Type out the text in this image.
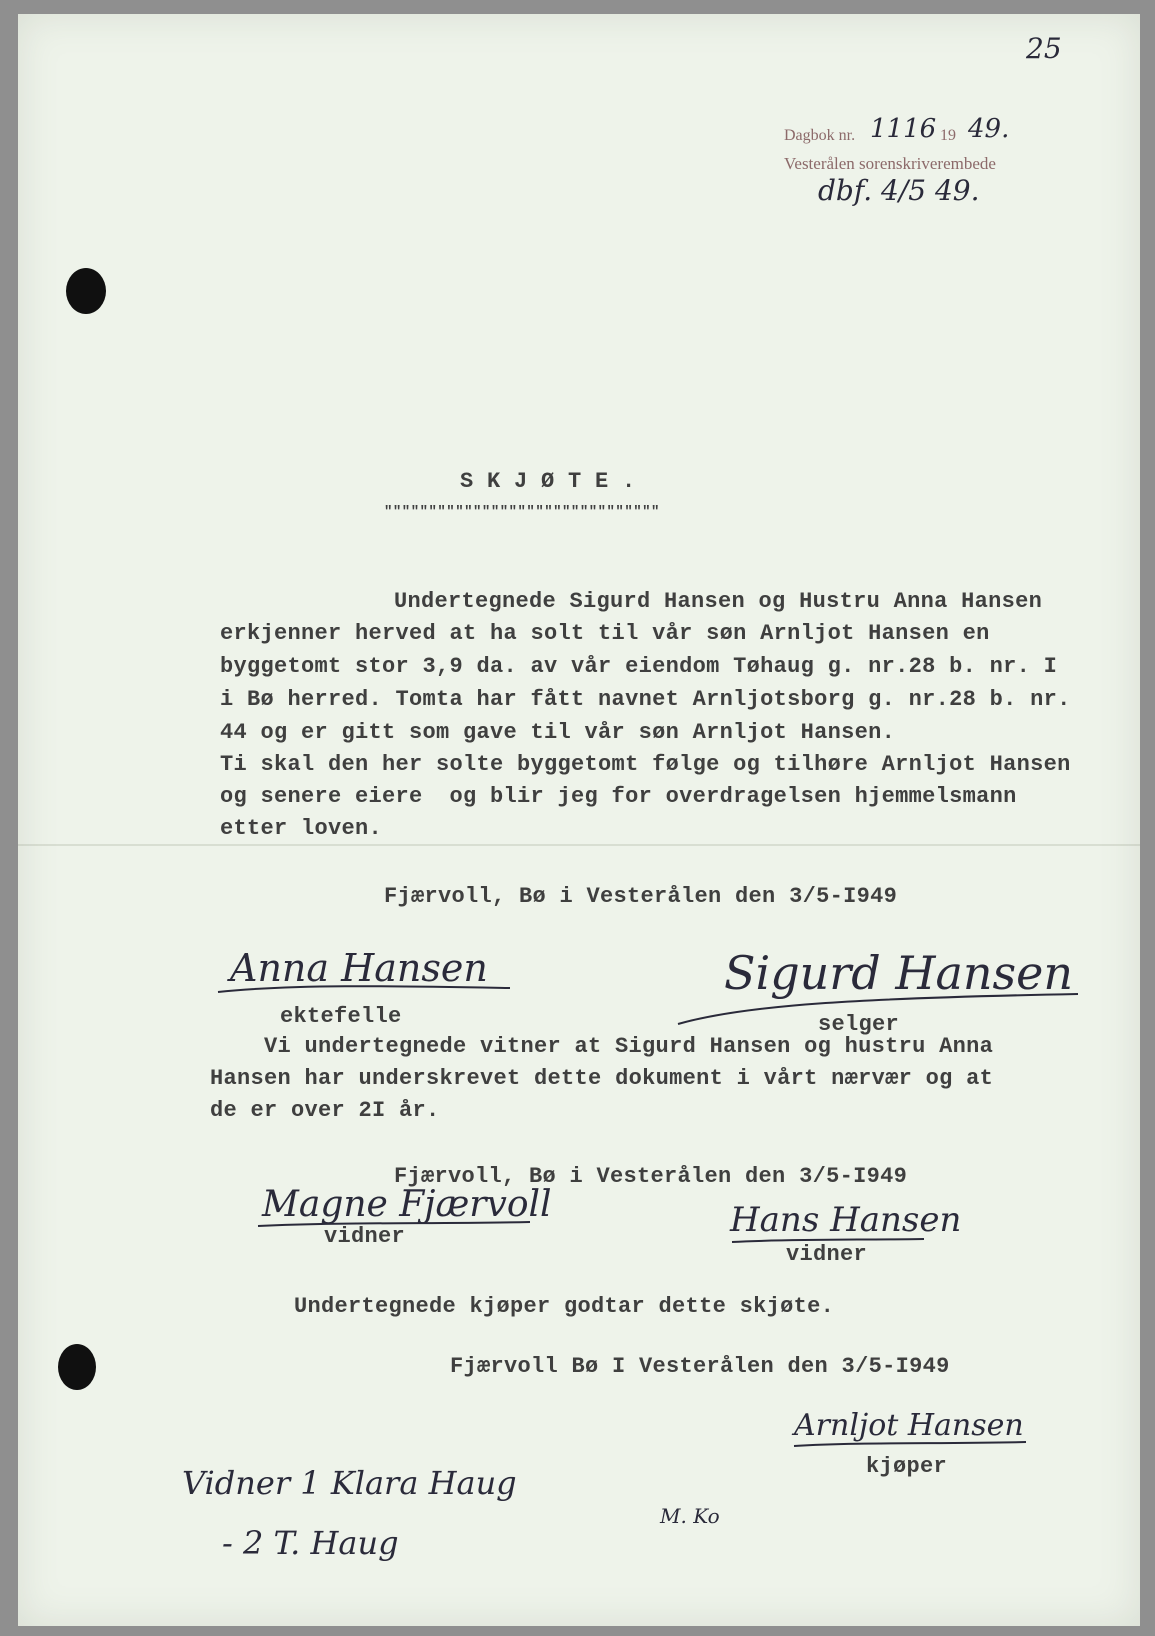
25
Dagbok nr. 1116 19 49.
Vesterålen sorenskriverembede
dbf. 4/5 49.
S K J Ø T E .
"""""""""""""""""""""""""""""""
Undertegnede Sigurd Hansen og Hustru Anna Hansen
erkjenner herved at ha solt til vår søn Arnljot Hansen en
byggetomt stor 3,9 da. av vår eiendom Tøhaug g. nr.28 b. nr. I
i Bø herred. Tomta har fått navnet Arnljotsborg g. nr.28 b. nr.
44 og er gitt som gave til vår søn Arnljot Hansen.
Ti skal den her solte byggetomt følge og tilhøre Arnljot Hansen
og senere eiere  og blir jeg for overdragelsen hjemmelsmann
etter loven.
Fjærvoll, Bø i Vesterålen den 3/5-I949
Anna Hansen
ektefelle
Sigurd Hansen
selger
Vi undertegnede vitner at Sigurd Hansen og hustru Anna
Hansen har underskrevet dette dokument i vårt nærvær og at
de er over 2I år.
Fjærvoll, Bø i Vesterålen den 3/5-I949
Magne Fjærvoll
vidner	Hans Hansen
vidner
Undertegnede kjøper godtar dette skjøte.
Fjærvoll Bø I Vesterålen den 3/5-I949
Arnljot Hansen
kjøper
Vidner 1 Klara Haug
- 2 T. Haug
M. Ko
